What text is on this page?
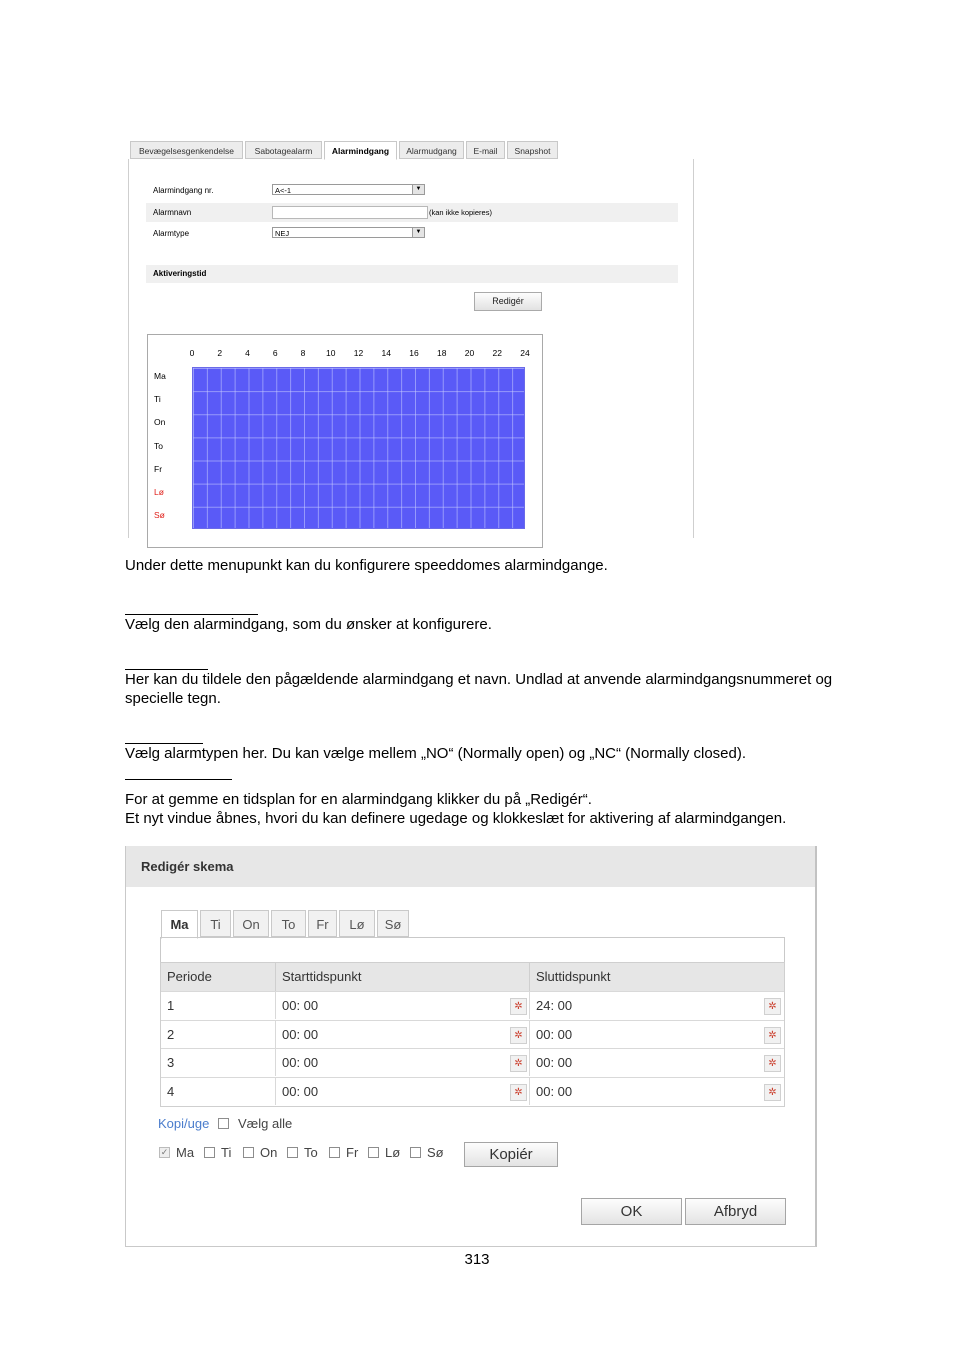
Bevægelsesgenkendelse	Sabotagealarm	Alarmindgang	Alarmudgang	E-mail	Snapshot
Alarmindgang nr.	A<-1	▼
Alarmnavn	(kan ikke kopieres)
Alarmtype	NEJ	▼
Aktiveringstid
Redigér
0	2	4	6	8	10	12	14	16	18	20	22	24
Ma
Ti
On
To
Fr
Lø
Sø
Under dette menupunkt kan du konfigurere speeddomes alarmindgange.
Vælg den alarmindgang, som du ønsker at konfigurere.
Her kan du tildele den pågældende alarmindgang et navn. Undlad at anvende alarmindgangsnummeret og
specielle tegn.
Vælg alarmtypen her. Du kan vælge mellem „NO“ (Normally open) og „NC“ (Normally closed).
For at gemme en tidsplan for en alarmindgang klikker du på „Redigér“.
Et nyt vindue åbnes, hvori du kan definere ugedage og klokkeslæt for aktivering af alarmindgangen.
Redigér skema
Ma	Ti	On	To	Fr	Lø	Sø
Periode	Starttidspunkt	Sluttidspunkt
1	00: 00	✲	24: 00	✲
2	00: 00	✲	00: 00	✲
3	00: 00	✲	00: 00	✲
4	00: 00	✲	00: 00	✲
Kopi/uge Vælg alle
✓ Ma Ti On To Fr Lø Sø	Kopiér
OK	Afbryd
313
